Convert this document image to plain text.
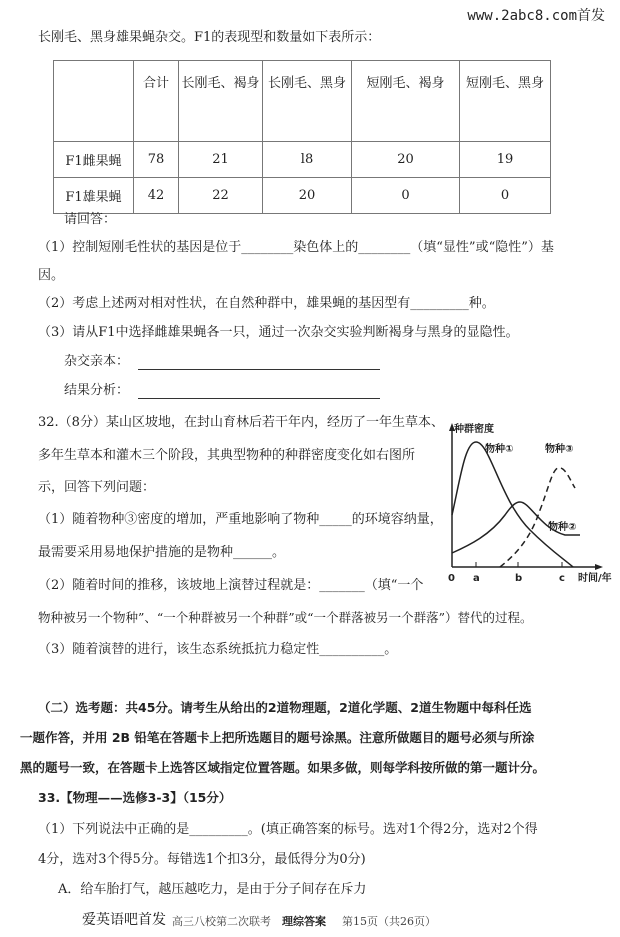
www.2abc8.com首发
长刚毛、黑身雄果蝇杂交。F1的表现型和数量如下表所示：
	合计	长刚毛、褐身	长刚毛、黑身	短刚毛、褐身	短刚毛、黑身
F1雌果蝇	78	21	l8	20	19
F1雄果蝇	42	22	20	0	0
请回答：
（1）控制短刚毛性状的基因是位于________染色体上的________（填“显性”或“隐性”）基
因。
（2）考虑上述两对相对性状，在自然种群中，雄果蝇的基因型有_________种。
（3）请从F1中选择雌雄果蝇各一只，通过一次杂交实验判断褐身与黑身的显隐性。
杂交亲本：
结果分析：
32.（8分）某山区坡地，在封山育林后若干年内，经历了一年生草本、
多年生草本和灌木三个阶段，其典型物种的种群密度变化如右图所
示，回答下列问题：
（1）随着物种③密度的增加，严重地影响了物种_____的环境容纳量，
最需要采用易地保护措施的是物种______。
（2）随着时间的推移，该坡地上演替过程就是：_______（填“一个
物种被另一个物种”、“一个种群被另一个种群”或“一个群落被另一个群落”）替代的过程。
（3）随着演替的进行，该生态系统抵抗力稳定性__________。
种群密度
物种①	物种③
物种②
0 a	b	c 时间/年
（二）选考题：共45分。请考生从给出的2道物理题，2道化学题、2道生物题中每科任选
一题作答，并用 2B 铅笔在答题卡上把所选题目的题号涂黑。注意所做题目的题号必须与所涂
黑的题号一致，在答题卡上选答区域指定位置答题。如果多做，则每学科按所做的第一题计分。
33.【物理——选修3-3】（15分）
（1）下列说法中正确的是_________。(填正确答案的标号。选对1个得2分，选对2个得
4分，选对3个得5分。每错选1个扣3分，最低得分为0分)
A．给车胎打气，越压越吃力，是由于分子间存在斥力
爱英语吧首发 高三八校第二次联考 理综答案 第15页（共26页）
